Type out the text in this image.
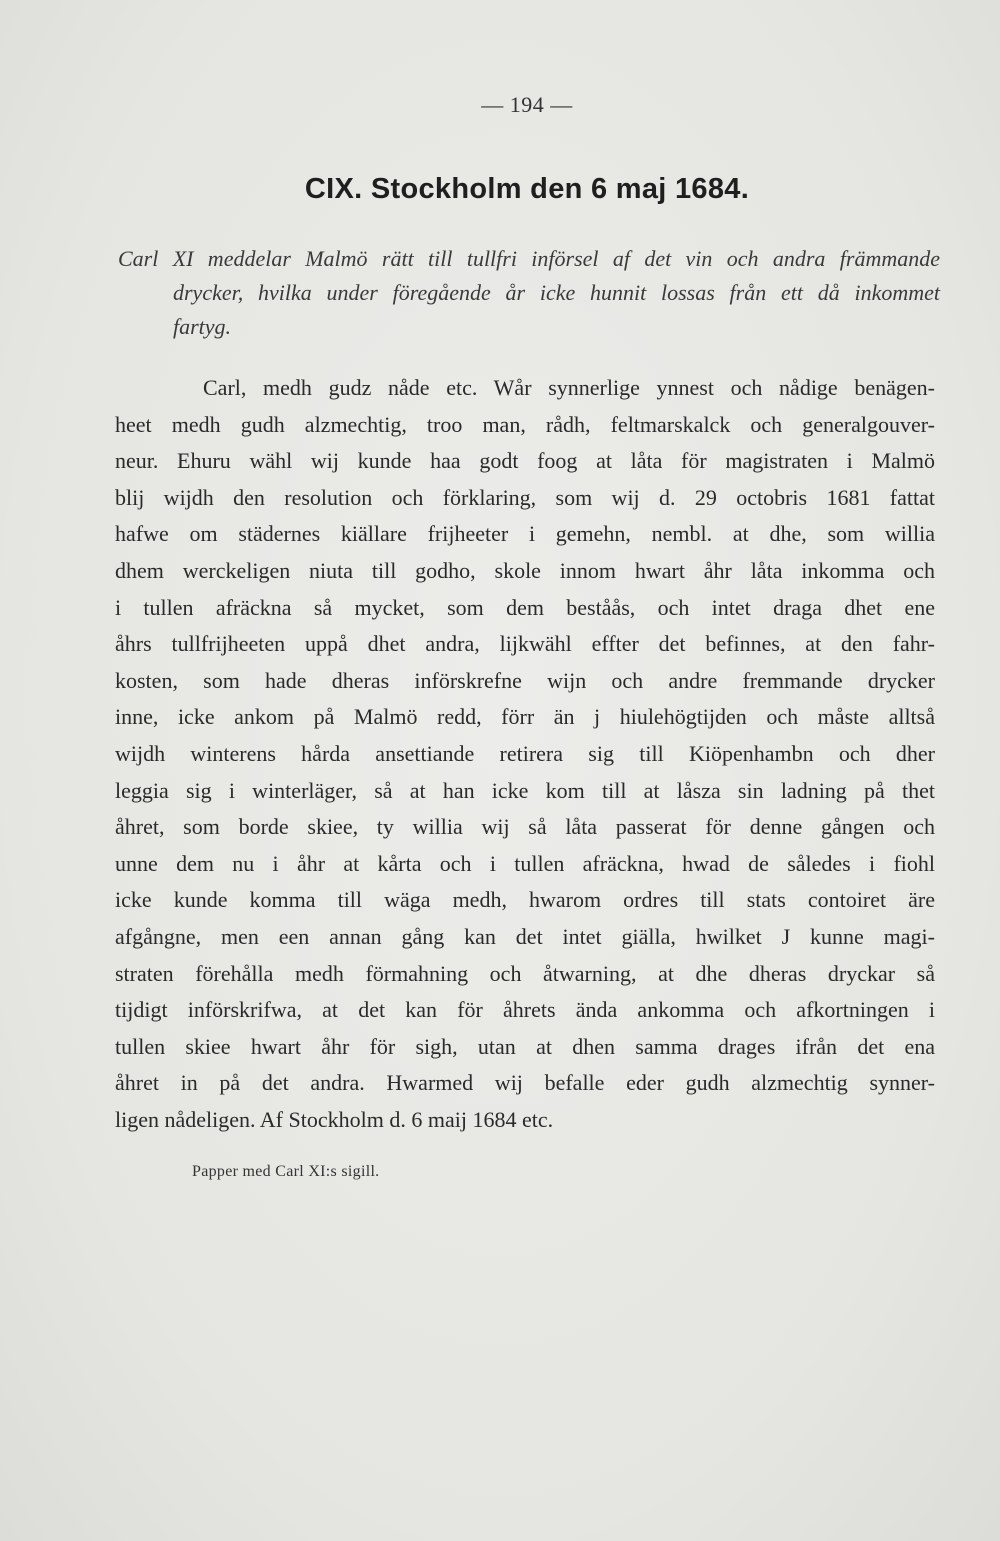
— 194 —
CIX. Stockholm den 6 maj 1684.
Carl XI meddelar Malmö rätt till tullfri införsel af det vin och andra främmande
drycker, hvilka under föregående år icke hunnit lossas från ett då inkommet
fartyg.
Carl, medh gudz nåde etc. Wår synnerlige ynnest och nådige benägen-
heet medh gudh alzmechtig, troo man, rådh, feltmarskalck och generalgouver-
neur. Ehuru wähl wij kunde haa godt foog at låta för magistraten i Malmö
blij wijdh den resolution och förklaring, som wij d. 29 octobris 1681 fattat
hafwe om städernes kiällare frijheeter i gemehn, nembl. at dhe, som willia
dhem werckeligen niuta till godho, skole innom hwart åhr låta inkomma och
i tullen afräckna så mycket, som dem beståås, och intet draga dhet ene
åhrs tullfrijheeten uppå dhet andra, lijkwähl effter det befinnes, at den fahr-
kosten, som hade dheras införskrefne wijn och andre fremmande drycker
inne, icke ankom på Malmö redd, förr än j hiulehögtijden och måste alltså
wijdh winterens hårda ansettiande retirera sig till Kiöpenhambn och dher
leggia sig i winterläger, så at han icke kom till at låsza sin ladning på thet
åhret, som borde skiee, ty willia wij så låta passerat för denne gången och
unne dem nu i åhr at kårta och i tullen afräckna, hwad de således i fiohl
icke kunde komma till wäga medh, hwarom ordres till stats contoiret äre
afgångne, men een annan gång kan det intet giälla, hwilket J kunne magi-
straten förehålla medh förmahning och åtwarning, at dhe dheras dryckar så
tijdigt införskrifwa, at det kan för åhrets ända ankomma och afkortningen i
tullen skiee hwart åhr för sigh, utan at dhen samma drages ifrån det ena
åhret in på det andra. Hwarmed wij befalle eder gudh alzmechtig synner-
ligen nådeligen. Af Stockholm d. 6 maij 1684 etc.
Papper med Carl XI:s sigill.
